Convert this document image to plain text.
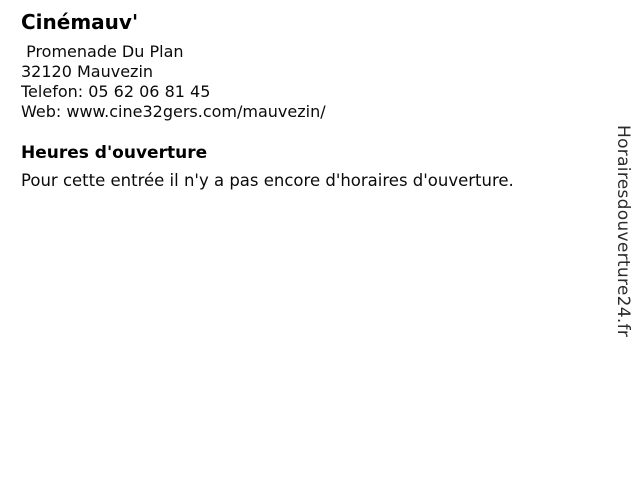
Cinémauv'
Promenade Du Plan
32120 Mauvezin
Telefon: 05 62 06 81 45
Web: www.cine32gers.com/mauvezin/
Heures d'ouverture

Pour cette entrée il n'y a pas encore d'horaires d'ouverture.	Horairesdouverture24.fr
